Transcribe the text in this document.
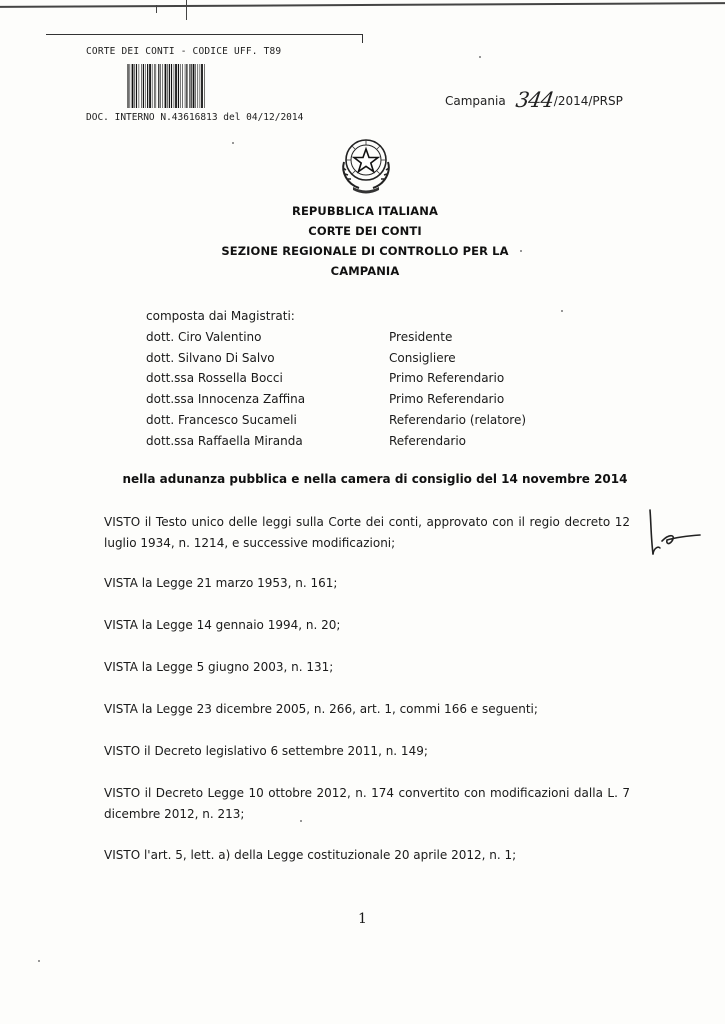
CORTE DEI CONTI - CODICE UFF. T89
DOC. INTERNO N.43616813 del 04/12/2014
Campania 344/2014/PRSP
REPUBBLICA ITALIANA
CORTE DEI CONTI
SEZIONE REGIONALE DI CONTROLLO PER LA
CAMPANIA
composta dai Magistrati:
dott. Ciro Valentino	Presidente
dott. Silvano Di Salvo	Consigliere
dott.ssa Rossella Bocci	Primo Referendario
dott.ssa Innocenza Zaffina	Primo Referendario
dott. Francesco Sucameli	Referendario (relatore)
dott.ssa Raffaella Miranda	Referendario
nella adunanza pubblica e nella camera di consiglio del 14 novembre 2014
VISTO il Testo unico delle leggi sulla Corte dei conti, approvato con il regio decreto 12 luglio 1934, n. 1214, e successive modificazioni;
VISTA la Legge 21 marzo 1953, n. 161;
VISTA la Legge 14 gennaio 1994, n. 20;
VISTA la Legge 5 giugno 2003, n. 131;
VISTA la Legge 23 dicembre 2005, n. 266, art. 1, commi 166 e seguenti;
VISTO il Decreto legislativo 6 settembre 2011, n. 149;
VISTO il Decreto Legge 10 ottobre 2012, n. 174 convertito con modificazioni dalla L. 7 dicembre 2012, n. 213;
VISTO l'art. 5, lett. a) della Legge costituzionale 20 aprile 2012, n. 1;
1
